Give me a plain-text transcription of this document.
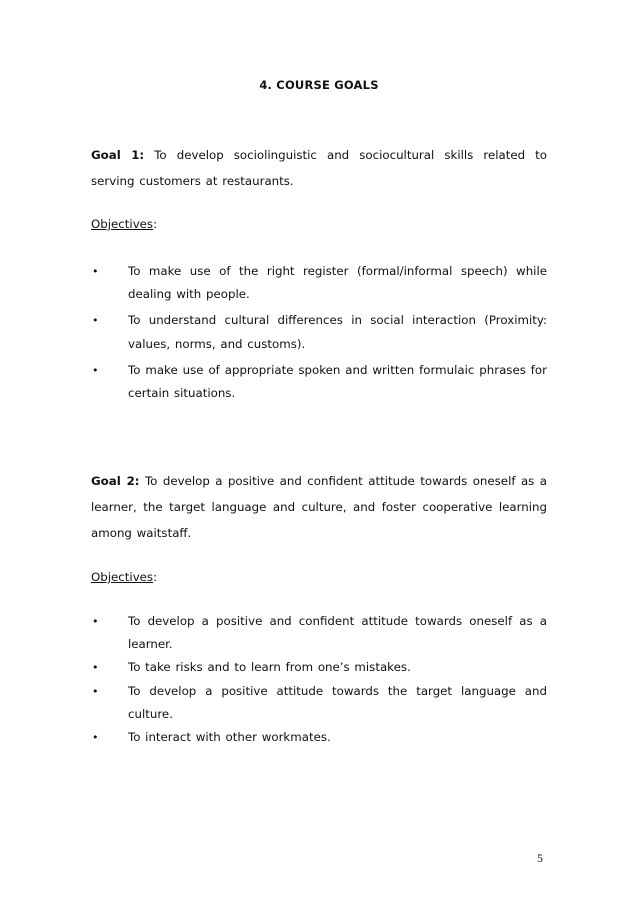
4. COURSE GOALS

Goal 1: To develop sociolinguistic and sociocultural skills related to serving customers at restaurants.

Objectives:
•	To make use of the right register (formal/informal speech) while dealing with people.
•	To understand cultural differences in social interaction (Proximity: values, norms, and customs).
•	To make use of appropriate spoken and written formulaic phrases for certain situations.

Goal 2: To develop a positive and confident attitude towards oneself as a learner, the target language and culture, and foster cooperative learning among waitstaff.

Objectives:
•	To develop a positive and confident attitude towards oneself as a learner.
•	To take risks and to learn from one’s mistakes.
•	To develop a positive attitude towards the target language and culture.
•	To interact with other workmates.
5
